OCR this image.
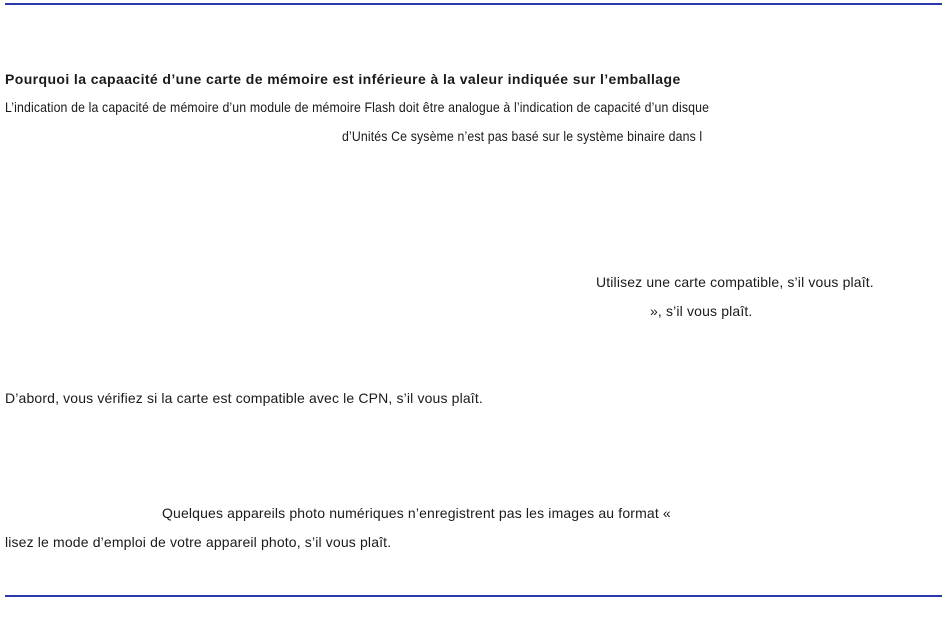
Pourquoi la capaacité d’une carte de mémoire est inférieure à la valeur indiquée sur l’emballage
L’indication de la capacité de mémoire d’un module de mémoire Flash doit être analogue à l’indication de capacité d’un disque
d’Unités Ce sysème n’est pas basé sur le système binaire dans l
Utilisez une carte compatible, s’il vous plaît.
», s’il vous plaît.
D’abord, vous vérifiez si la carte est compatible avec le CPN, s’il vous plaît.
Quelques appareils photo numériques n’enregistrent pas les images au format «
lisez le mode d’emploi de votre appareil photo, s’il vous plaît.
